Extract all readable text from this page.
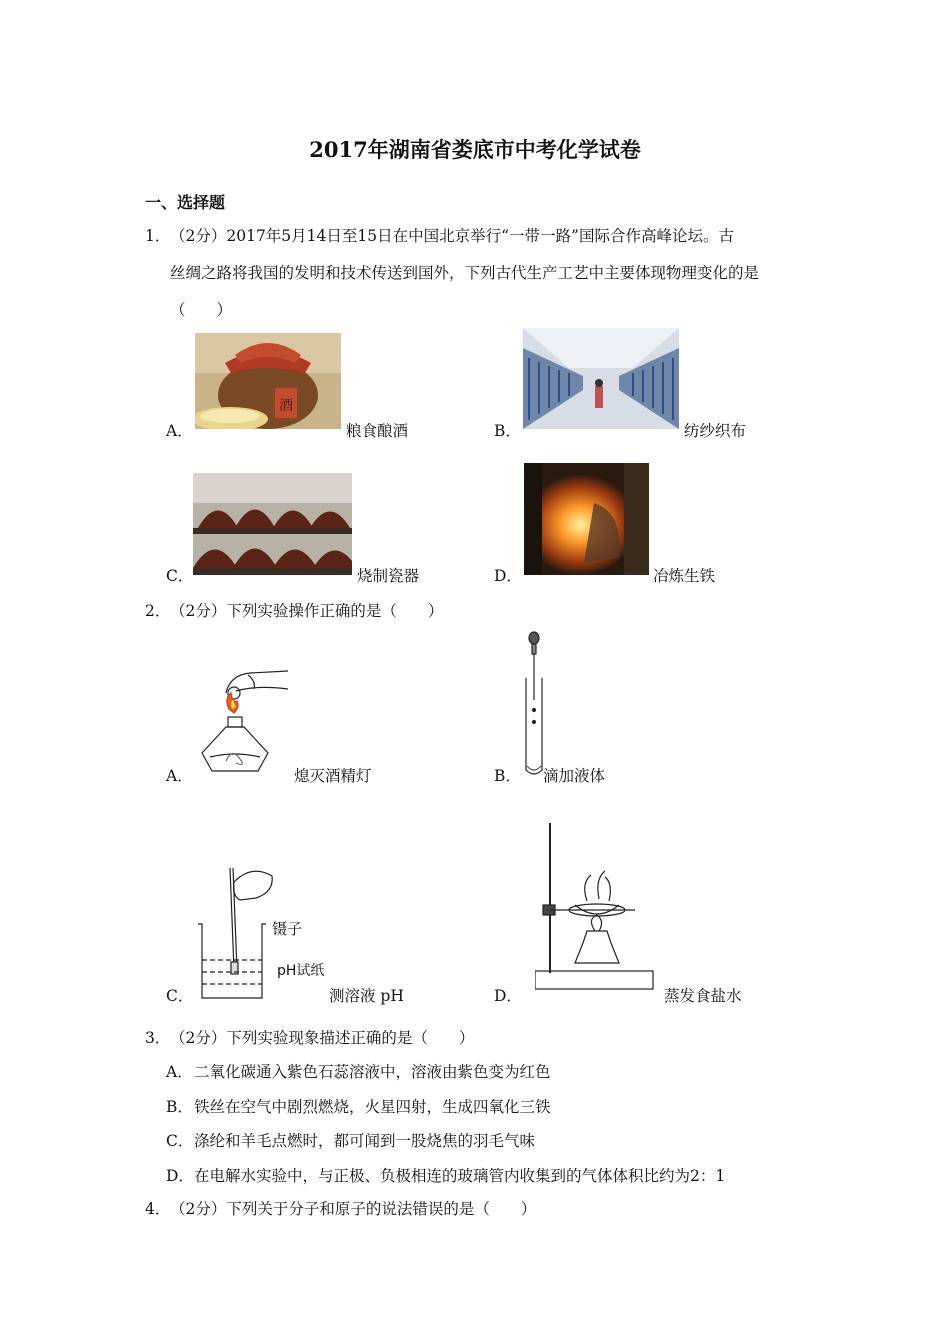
2017年湖南省娄底市中考化学试卷
一、选择题
1． （2分）2017年5月14日至15日在中国北京举行“一带一路”国际合作高峰论坛。古
丝绸之路将我国的发明和技术传送到国外，下列古代生产工艺中主要体现物理变化的是
（　　）
酒
A．	粮食酿酒	B．	纺纱织布
C．	烧制瓷器	D．	冶炼生铁
2． （2分）下列实验操作正确的是（　　）
A．	熄灭酒精灯	B． 滴加液体
镊子
pH试纸
C．	测溶液 pH	D．	蒸发食盐水
3． （2分）下列实验现象描述正确的是（　　）
A． 二氧化碳通入紫色石蕊溶液中，溶液由紫色变为红色
B． 铁丝在空气中剧烈燃烧，火星四射，生成四氧化三铁
C． 涤纶和羊毛点燃时，都可闻到一股烧焦的羽毛气味
D． 在电解水实验中，与正极、负极相连的玻璃管内收集到的气体体积比约为2：1
4． （2分）下列关于分子和原子的说法错误的是（　　）
